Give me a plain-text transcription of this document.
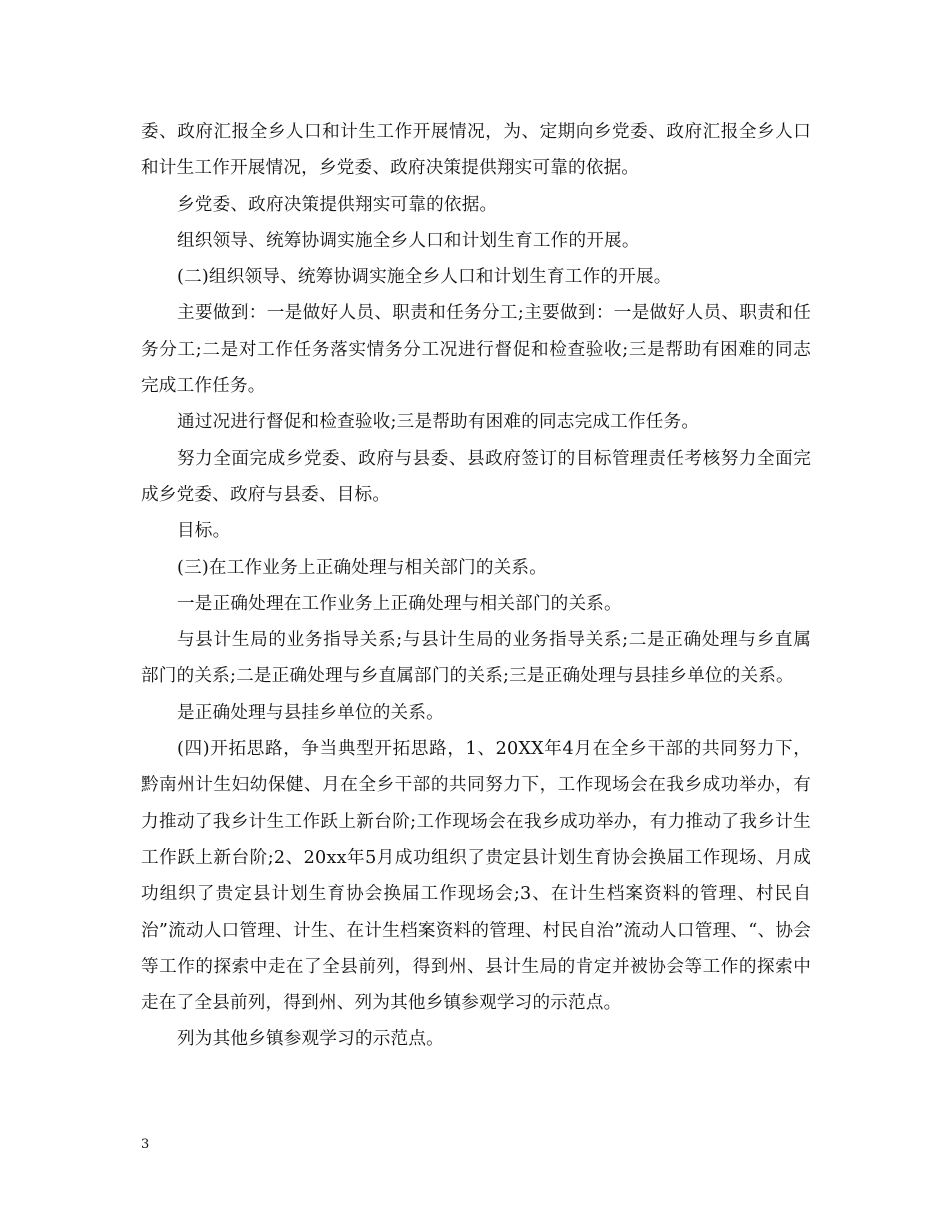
委、政府汇报全乡人口和计生工作开展情况，为、定期向乡党委、政府汇报全乡人口和计生工作开展情况，乡党委、政府决策提供翔实可靠的依据。

乡党委、政府决策提供翔实可靠的依据。

组织领导、统筹协调实施全乡人口和计划生育工作的开展。

(二)组织领导、统筹协调实施全乡人口和计划生育工作的开展。

主要做到：一是做好人员、职责和任务分工;主要做到：一是做好人员、职责和任务分工;二是对工作任务落实情务分工况进行督促和检查验收;三是帮助有困难的同志完成工作任务。

通过况进行督促和检查验收;三是帮助有困难的同志完成工作任务。

努力全面完成乡党委、政府与县委、县政府签订的目标管理责任考核努力全面完成乡党委、政府与县委、目标。

目标。

(三)在工作业务上正确处理与相关部门的关系。

一是正确处理在工作业务上正确处理与相关部门的关系。

与县计生局的业务指导关系;与县计生局的业务指导关系;二是正确处理与乡直属部门的关系;二是正确处理与乡直属部门的关系;三是正确处理与县挂乡单位的关系。

是正确处理与县挂乡单位的关系。

(四)开拓思路，争当典型开拓思路，1、20XX年4月在全乡干部的共同努力下，黔南州计生妇幼保健、月在全乡干部的共同努力下，工作现场会在我乡成功举办，有力推动了我乡计生工作跃上新台阶;工作现场会在我乡成功举办，有力推动了我乡计生工作跃上新台阶;2、20xx年5月成功组织了贵定县计划生育协会换届工作现场、月成功组织了贵定县计划生育协会换届工作现场会;3、在计生档案资料的管理、村民自治”流动人口管理、计生、在计生档案资料的管理、村民自治”流动人口管理、“、协会等工作的探索中走在了全县前列，得到州、县计生局的肯定并被协会等工作的探索中走在了全县前列，得到州、列为其他乡镇参观学习的示范点。

列为其他乡镇参观学习的示范点。

3
